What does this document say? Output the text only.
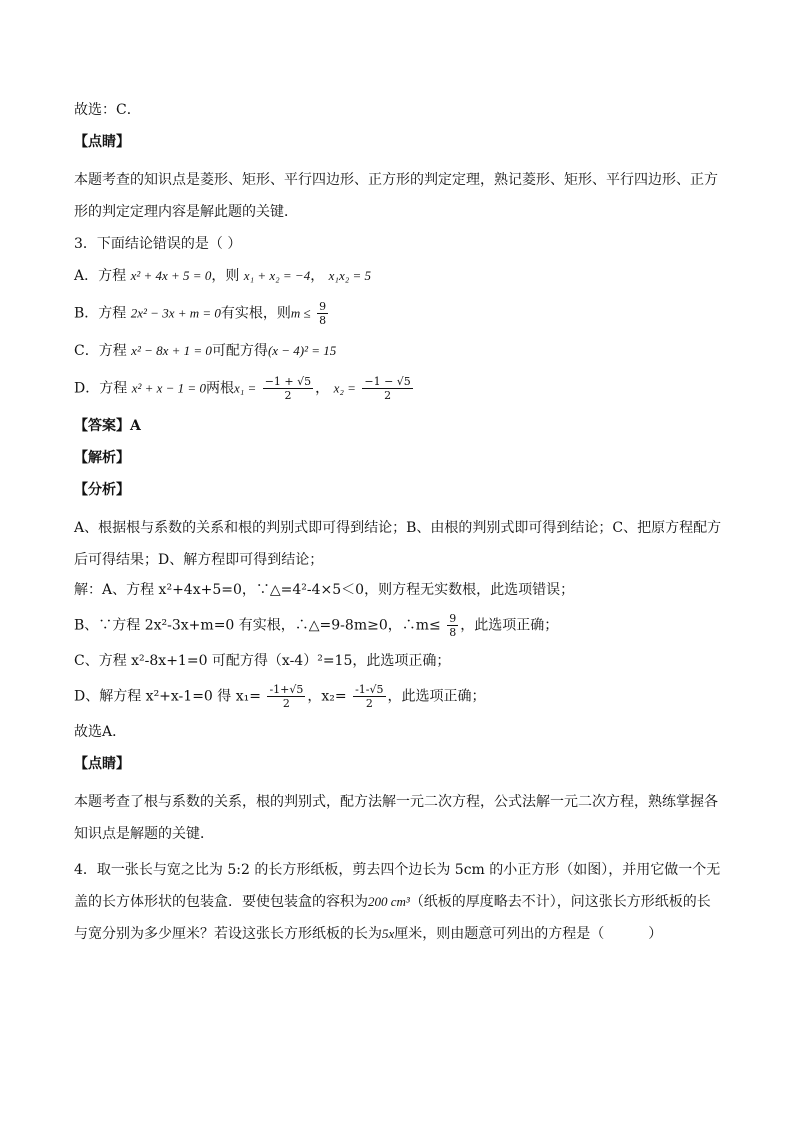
故选：C．
【点睛】
本题考查的知识点是菱形、矩形、平行四边形、正方形的判定定理，熟记菱形、矩形、平行四边形、正方形的判定定理内容是解此题的关键．
3．下面结论错误的是（ ）
A．方程 x² + 4x + 5 = 0，则 x₁ + x₂ = −4， x₁x₂ = 5
B．方程 2x² − 3x + m = 0有实根，则$m \le \frac{9}{8}$
C．方程 x² − 8x + 1 = 0可配方得(x − 4)² = 15
D．方程 x² + x − 1 = 0两根$x_1 = \frac{-1 + √5}{2}$ ， $x_2 = \frac{-1 - √5}{2}$
【答案】A
【解析】
【分析】
A、根据根与系数的关系和根的判别式即可得到结论；B、由根的判别式即可得到结论；C、把原方程配方后可得结果；D、解方程即可得到结论；
解：A、方程 x²+4x+5=0，∵△=4²-4×5＜0，则方程无实数根，此选项错误；
B、∵方程 2x²-3x+m=0 有实根，∴△=9-8m≥0，∴m≤ $\frac{9}{8}$ ，此选项正确；
C、方程 x²-8x+1=0 可配方得（x-4）²=15，此选项正确；
D、解方程 x²+x-1=0 得 $x_1= \frac{-1+√5}{2}$ ，$x_2= \frac{-1-√5}{2}$ ，此选项正确；
故选A．
【点睛】
本题考查了根与系数的关系，根的判别式，配方法解一元二次方程，公式法解一元二次方程，熟练掌握各知识点是解题的关键．
4．取一张长与宽之比为 5:2 的长方形纸板，剪去四个边长为 5cm 的小正方形（如图），并用它做一个无盖的长方体形状的包装盒．要使包装盒的容积为200 cm³（纸板的厚度略去不计），问这张长方形纸板的长与宽分别为多少厘米？若设这张长方形纸板的长为5x厘米，则由题意可列出的方程是（	）
